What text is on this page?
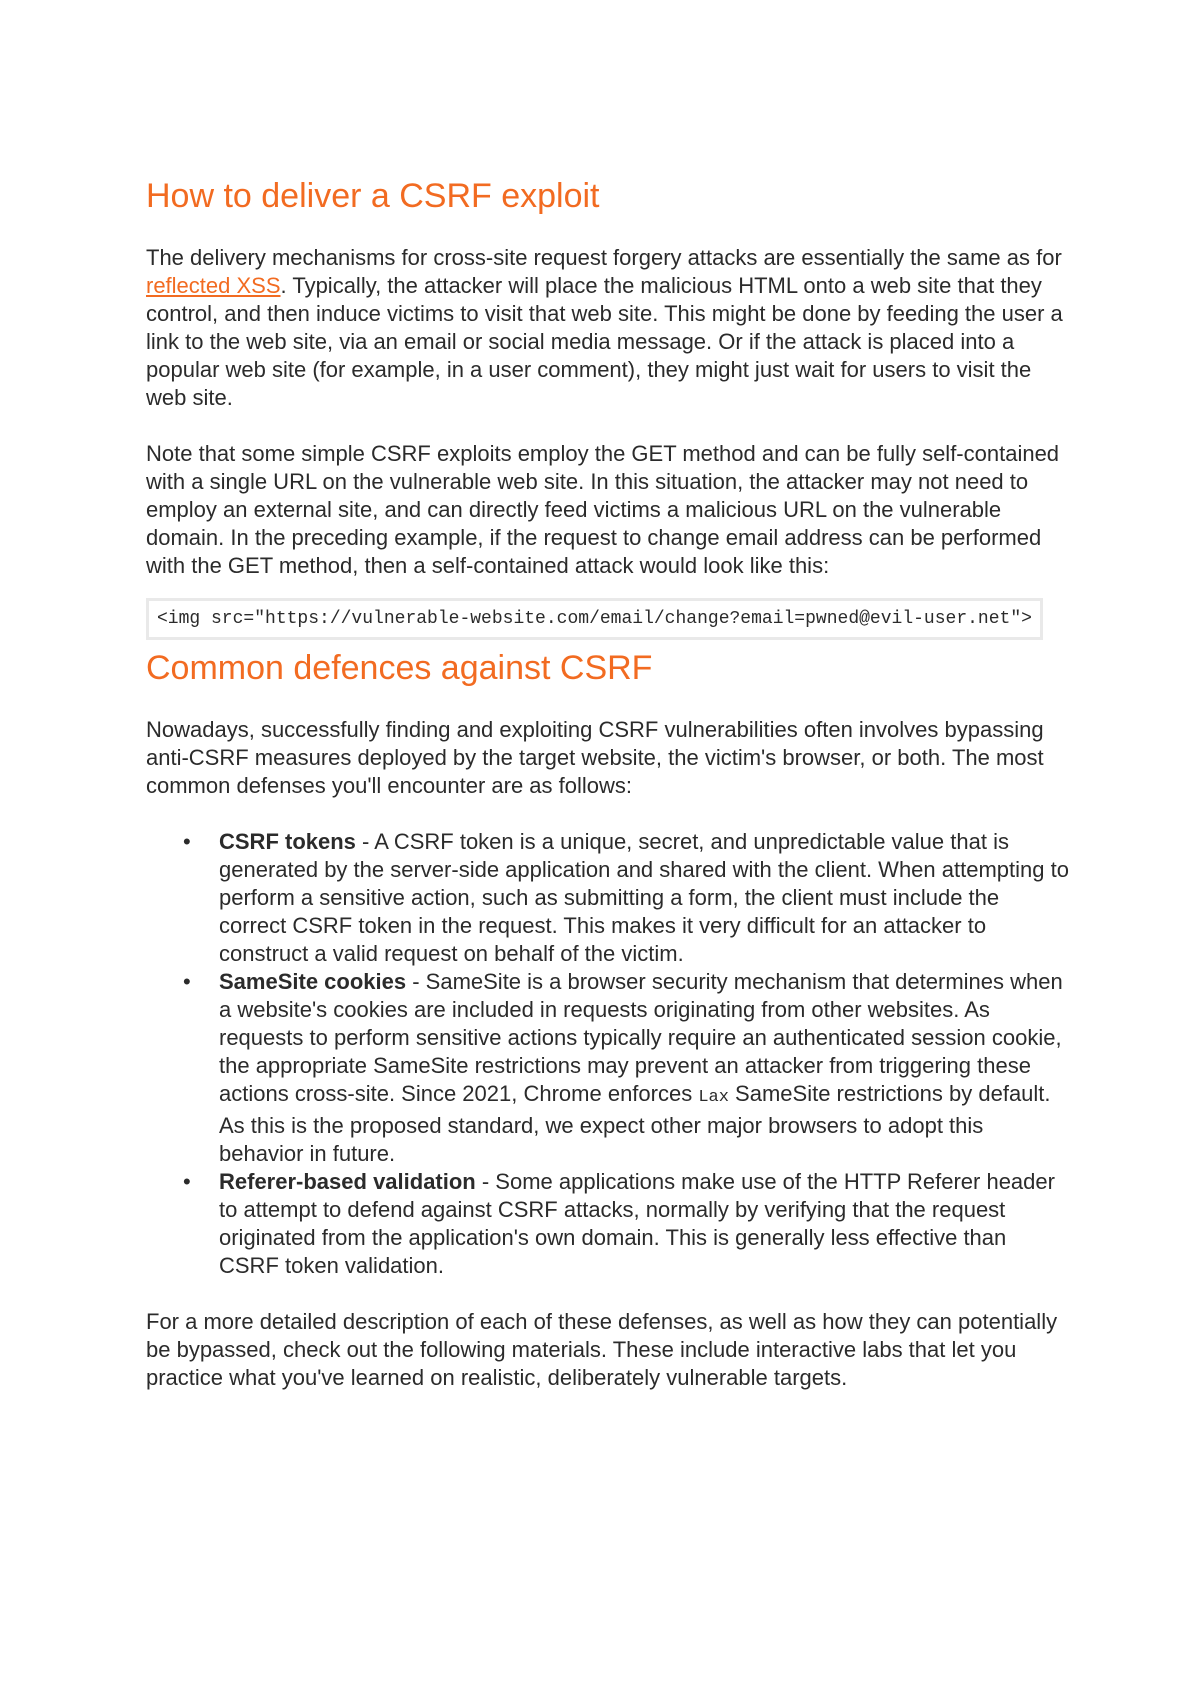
How to deliver a CSRF exploit

The delivery mechanisms for cross-site request forgery attacks are essentially the same as for reflected XSS. Typically, the attacker will place the malicious HTML onto a web site that they control, and then induce victims to visit that web site. This might be done by feeding the user a link to the web site, via an email or social media message. Or if the attack is placed into a popular web site (for example, in a user comment), they might just wait for users to visit the web site.

Note that some simple CSRF exploits employ the GET method and can be fully self-contained with a single URL on the vulnerable web site. In this situation, the attacker may not need to employ an external site, and can directly feed victims a malicious URL on the vulnerable domain. In the preceding example, if the request to change email address can be performed with the GET method, then a self-contained attack would look like this:

<img src="https://vulnerable-website.com/email/change?email=pwned@evil-user.net">
Common defences against CSRF

Nowadays, successfully finding and exploiting CSRF vulnerabilities often involves bypassing anti-CSRF measures deployed by the target website, the victim's browser, or both. The most common defenses you'll encounter are as follows:

• CSRF tokens - A CSRF token is a unique, secret, and unpredictable value that is generated by the server-side application and shared with the client. When attempting to perform a sensitive action, such as submitting a form, the client must include the correct CSRF token in the request. This makes it very difficult for an attacker to construct a valid request on behalf of the victim.
• SameSite cookies - SameSite is a browser security mechanism that determines when a website's cookies are included in requests originating from other websites. As requests to perform sensitive actions typically require an authenticated session cookie, the appropriate SameSite restrictions may prevent an attacker from triggering these actions cross-site. Since 2021, Chrome enforces Lax SameSite restrictions by default. As this is the proposed standard, we expect other major browsers to adopt this behavior in future.
• Referer-based validation - Some applications make use of the HTTP Referer header to attempt to defend against CSRF attacks, normally by verifying that the request originated from the application's own domain. This is generally less effective than CSRF token validation.

For a more detailed description of each of these defenses, as well as how they can potentially be bypassed, check out the following materials. These include interactive labs that let you practice what you've learned on realistic, deliberately vulnerable targets.
